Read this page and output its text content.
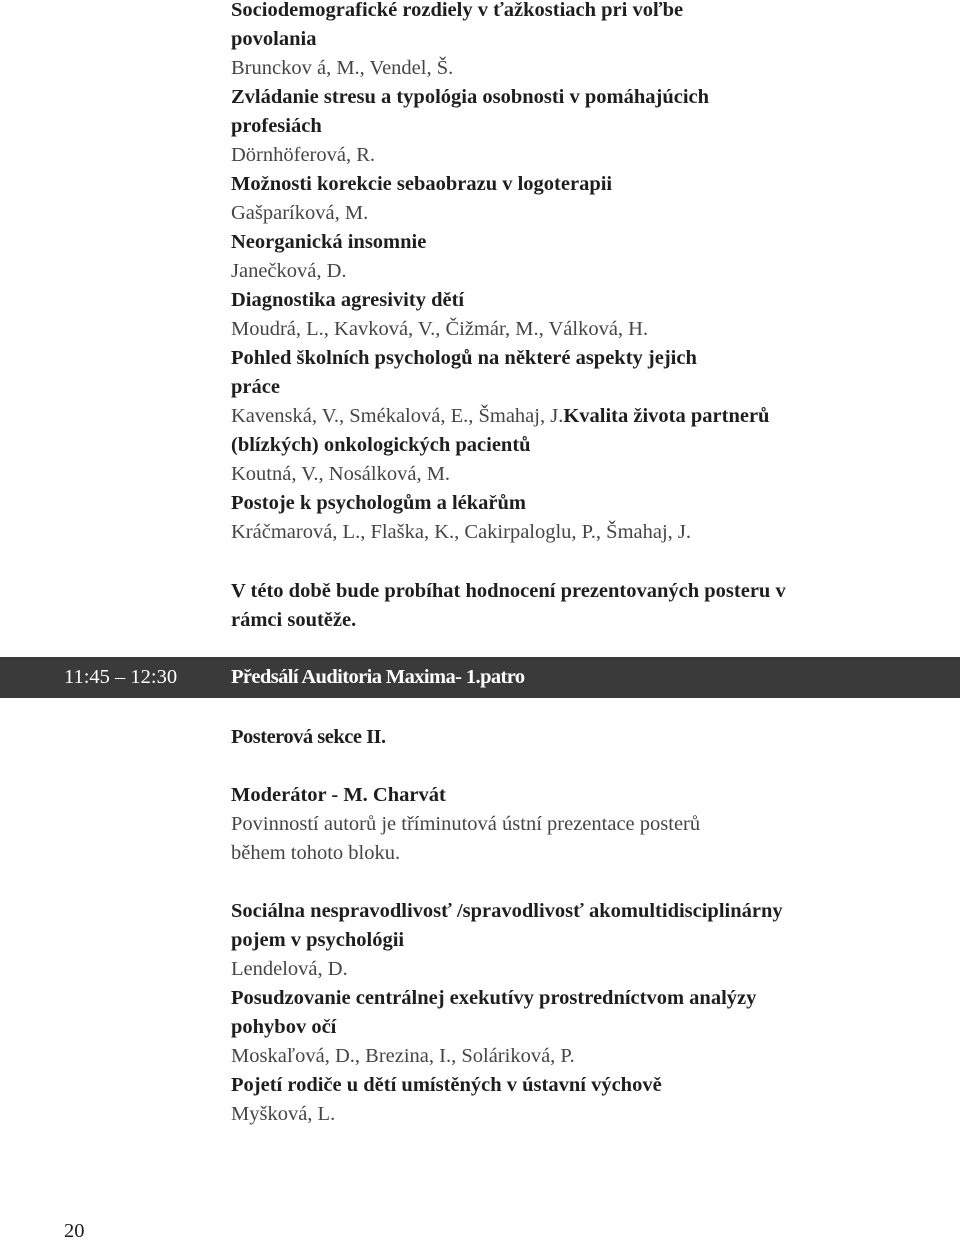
Sociodemografické rozdiely v ťažkostiach pri voľbe
povolania
Brunckov á, M., Vendel, Š.
Zvládanie stresu a typológia osobnosti v pomáhajúcich
profesiách
Dörnhöferová, R.
Možnosti korekcie sebaobrazu v logoterapii
Gašparíková, M.
Neorganická insomnie
Janečková, D.
Diagnostika agresivity dětí
Moudrá, L., Kavková, V., Čižmár, M., Válková, H.
Pohled školních psychologů na některé aspekty jejich
práce
Kavenská, V., Smékalová, E., Šmahaj, J.Kvalita života partnerů
(blízkých) onkologických pacientů
Koutná, V., Nosálková, M.
Postoje k psychologům a lékařům
Kráčmarová, L., Flaška, K., Cakirpaloglu, P., Šmahaj, J.
V této době bude probíhat hodnocení prezentovaných posteru v
rámci soutěže.
11:45 – 12:30	Předsálí Auditoria Maxima- 1.patro
Posterová sekce II.
Moderátor - M. Charvát
Povinností autorů je tříminutová ústní prezentace posterů
během tohoto bloku.
Sociálna nespravodlivosť /spravodlivosť akomultidisciplinárny
pojem v psychológii
Lendelová, D.
Posudzovanie centrálnej exekutívy prostredníctvom analýzy
pohybov očí
Moskaľová, D., Brezina, I., Soláriková, P.
Pojetí rodiče u dětí umístěných v ústavní výchově
Myšková, L.
20
